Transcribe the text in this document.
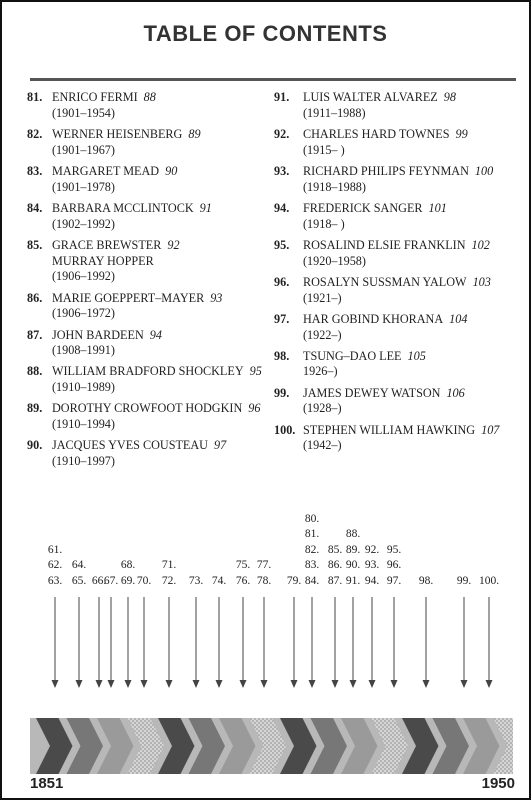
TABLE OF CONTENTS
81. ENRICO FERMI 88
(1901–1954)
82. WERNER HEISENBERG 89
(1901–1967)
83. MARGARET MEAD 90
(1901–1978)
84. BARBARA MCCLINTOCK 91
(1902–1992)
85. GRACE BREWSTER 92
MURRAY HOPPER
(1906–1992)
86. MARIE GOEPPERT–MAYER 93
(1906–1972)
87. JOHN BARDEEN 94
(1908–1991)
88. WILLIAM BRADFORD SHOCKLEY 95
(1910–1989)
89. DOROTHY CROWFOOT HODGKIN 96
(1910–1994)
90. JACQUES YVES COUSTEAU 97
(1910–1997)
91. LUIS WALTER ALVAREZ 98
(1911–1988)
92. CHARLES HARD TOWNES 99
(1915– )
93. RICHARD PHILIPS FEYNMAN 100
(1918–1988)
94. FREDERICK SANGER 101
(1918– )
95. ROSALIND ELSIE FRANKLIN 102
(1920–1958)
96. ROSALYN SUSSMAN YALOW 103
(1921–)
97. HAR GOBIND KHORANA 104
(1922–)
98. TSUNG–DAO LEE 105
1926–)
99. JAMES DEWEY WATSON 106
(1928–)
100. STEPHEN WILLIAM HAWKING 107
(1942–)
61.
62.
63.
64.
65. 66.
67.
68.
69. 70.
71.
72.	73. 74.
75.
76.
77.
78.	79.
80.
81.
82.
83.
84.
85.
86.
87.
88.
89.
90.
91.
92.
93.
94.
95.
96.
97.	98.	99. 100.
1851	1950
